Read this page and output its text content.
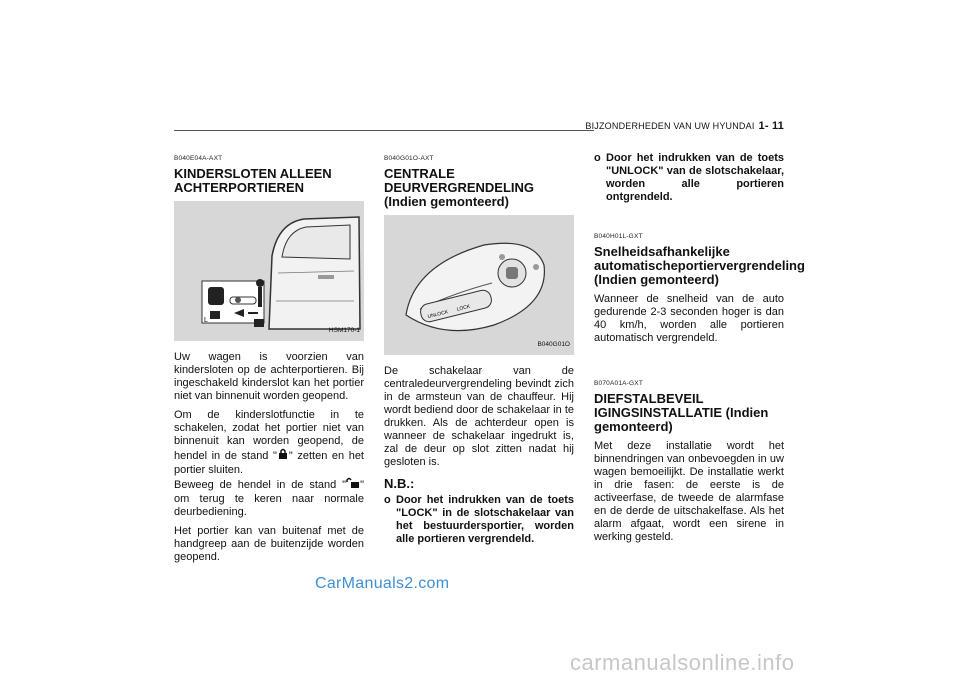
BIJZONDERHEDEN VAN UW HYUNDAI 1- 11
B040E04A-AXT
KINDERSLOTEN ALLEEN ACHTERPORTIEREN
L
HSM170-1

Uw wagen is voorzien van kindersloten op de achterportieren. Bij ingeschakeld kinderslot kan het portier niet van binnenuit worden geopend.

Om de kinderslotfunctie in te schakelen, zodat het portier niet van binnenuit kan worden geopend, de hendel in de stand " " zetten en het portier sluiten.
Beweeg de hendel in de stand " " om terug te keren naar normale deurbediening.

Het portier kan van buitenaf met de handgreep aan de buitenzijde worden geopend.

B040G01O-AXT
CENTRALE DEURVERGRENDELING (Indien gemonteerd)
UNLOCK
LOCK
B040G01O

De schakelaar van de centraledeurvergrendeling bevindt zich in de armsteun van de chauffeur. Hij wordt bediend door de schakelaar in te drukken. Als de achterdeur open is wanneer de schakelaar ingedrukt is, zal de deur op slot zitten nadat hij gesloten is.

N.B.:
o Door het indrukken van de toets "LOCK" in de slotschakelaar van het bestuurdersportier, worden alle portieren vergrendeld.
o Door het indrukken van de toets "UNLOCK" van de slotschakelaar, worden alle portieren ontgrendeld.
B040H01L-GXT
Snelheidsafhankelijke automatischeportiervergrendeling (Indien gemonteerd)

Wanneer de snelheid van de auto gedurende 2-3 seconden hoger is dan 40 km/h, worden alle portieren automatisch vergrendeld.

B070A01A-GXT
DIEFSTALBEVEIL IGINGSINSTALLATIE (Indien gemonteerd)

Met deze installatie wordt het binnendringen van onbevoegden in uw wagen bemoeilijkt. De installatie werkt in drie fasen: de eerste is de activeerfase, de tweede de alarmfase en de derde de uitschakelfase. Als het alarm afgaat, wordt een sirene in werking gesteld.

CarManuals2.com
carmanualsonline.info
